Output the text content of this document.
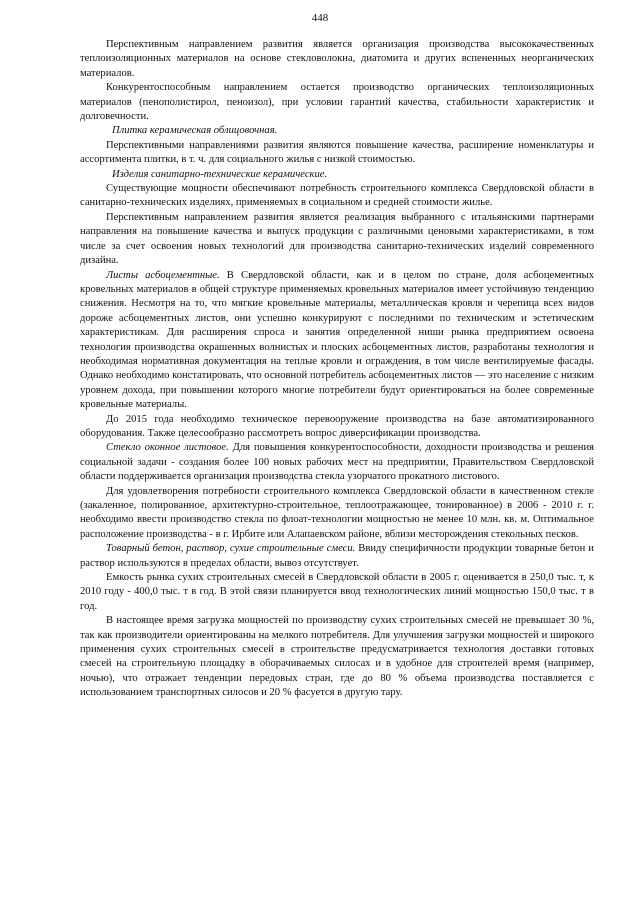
448

Перспективным направлением развития является организация производства высококачественных теплоизоляционных материалов на основе стекловолокна, диатомита и других вспененных неорганических материалов.

Конкурентоспособным направлением остается производство органических теплоизоляционных материалов (пенополистирол, пеноизол), при условии гарантий качества, стабильности характеристик и долговечности.

Плитка керамическая облицовочная.

Перспективными направлениями развития являются повышение качества, расширение номенклатуры и ассортимента плитки, в т. ч. для социального жилья с низкой стоимостью.

Изделия санитарно-технические керамические.

Существующие мощности обеспечивают потребность строительного комплекса Свердловской области в санитарно-технических изделиях, применяемых в социальном и средней стоимости жилье.

Перспективным направлением развития является реализация выбранного с итальянскими партнерами направления на повышение качества и выпуск продукции с различными ценовыми характеристиками, в том числе за счет освоения новых технологий для производства санитарно-технических изделий современного дизайна.

Листы асбоцементные. В Свердловской области, как и в целом по стране, доля асбоцементных кровельных материалов в общей структуре применяемых кровельных материалов имеет устойчивую тенденцию снижения. Несмотря на то, что мягкие кровельные материалы, металлическая кровля и черепица всех видов дороже асбоцементных листов, они успешно конкурируют с последними по техническим и эстетическим характеристикам. Для расширения спроса и занятия определенной ниши рынка предприятием освоена технология производства окрашенных волнистых и плоских асбоцементных листов, разработаны технология и необходимая нормативная документация на теплые кровли и ограждения, в том числе вентилируемые фасады. Однако необходимо констатировать, что основной потребитель асбоцементных листов — это население с низким уровнем дохода, при повышении которого многие потребители будут ориентироваться на более современные кровельные материалы.

До 2015 года необходимо техническое перевооружение производства на базе автоматизированного оборудования. Также целесообразно рассмотреть вопрос диверсификации производства.

Стекло оконное листовое. Для повышения конкурентоспособности, доходности производства и решения социальной задачи - создания более 100 новых рабочих мест на предприятии, Правительством Свердловской области поддерживается организация производства стекла узорчатого прокатного листового.

Для удовлетворения потребности строительного комплекса Свердловской области в качественном стекле (закаленное, полированное, архитектурно-строительное, теплоотражающее, тонированное) в 2006 - 2010 г. г. необходимо ввести производство стекла по флоат-технологии мощностью не менее 10 млн. кв. м. Оптимальное расположение производства - в г. Ирбите или Алапаевском районе, вблизи месторождения стекольных песков.

Товарный бетон, раствор, сухие строительные смеси. Ввиду специфичности продукции товарные бетон и раствор используются в пределах области, вывоз отсутствует.

Емкость рынка сухих строительных смесей в Свердловской области в 2005 г. оценивается в 250,0 тыс. т, к 2010 году - 400,0 тыс. т в год. В этой связи планируется ввод технологических линий мощностью 150,0 тыс. т в год.

В настоящее время загрузка мощностей по производству сухих строительных смесей не превышает 30 %, так как производители ориентированы на мелкого потребителя. Для улучшения загрузки мощностей и широкого применения сухих строительных смесей в строительстве предусматривается технология доставки готовых смесей на строительную площадку в оборачиваемых силосах и в удобное для строителей время (например, ночью), что отражает тенденции передовых стран, где до 80 % объема производства поставляется с использованием транспортных силосов и 20 % фасуется в другую тару.
